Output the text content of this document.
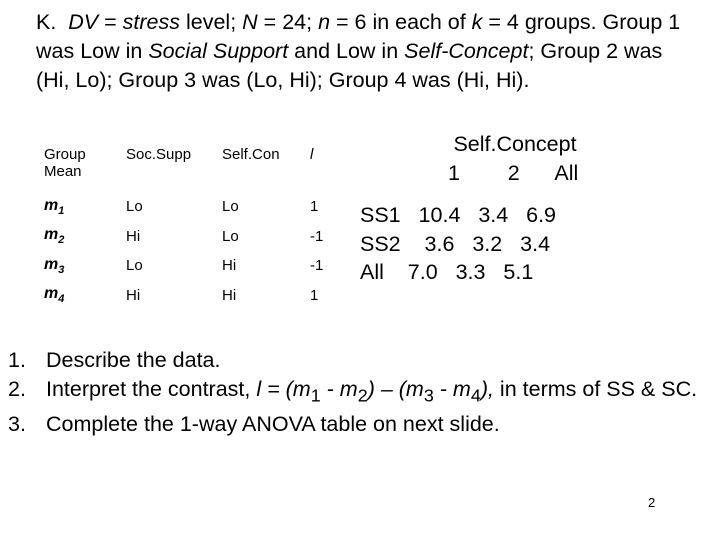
K. DV = stress level; N = 24; n = 6 in each of k = 4 groups. Group 1 was Low in Social Support and Low in Self-Concept; Group 2 was (Hi, Lo); Group 3 was (Lo, Hi); Group 4 was (Hi, Hi).
Group Mean	Soc.Supp	Self.Con	l
$m_1$	Lo	Lo	1
$m_2$	Hi	Lo	-1
$m_3$	Lo	Hi	-1
$m_4$	Hi	Hi	1
Self.Concept
1        2      All
SS1   10.4   3.4   6.9
SS2    3.6   3.2   3.4
All    7.0   3.3   5.1
1. Describe the data.
2. Interpret the contrast, $l = (m_1 - m_2) - (m_3 - m_4)$, in terms of SS & SC.
3. Complete the 1-way ANOVA table on next slide.
2
